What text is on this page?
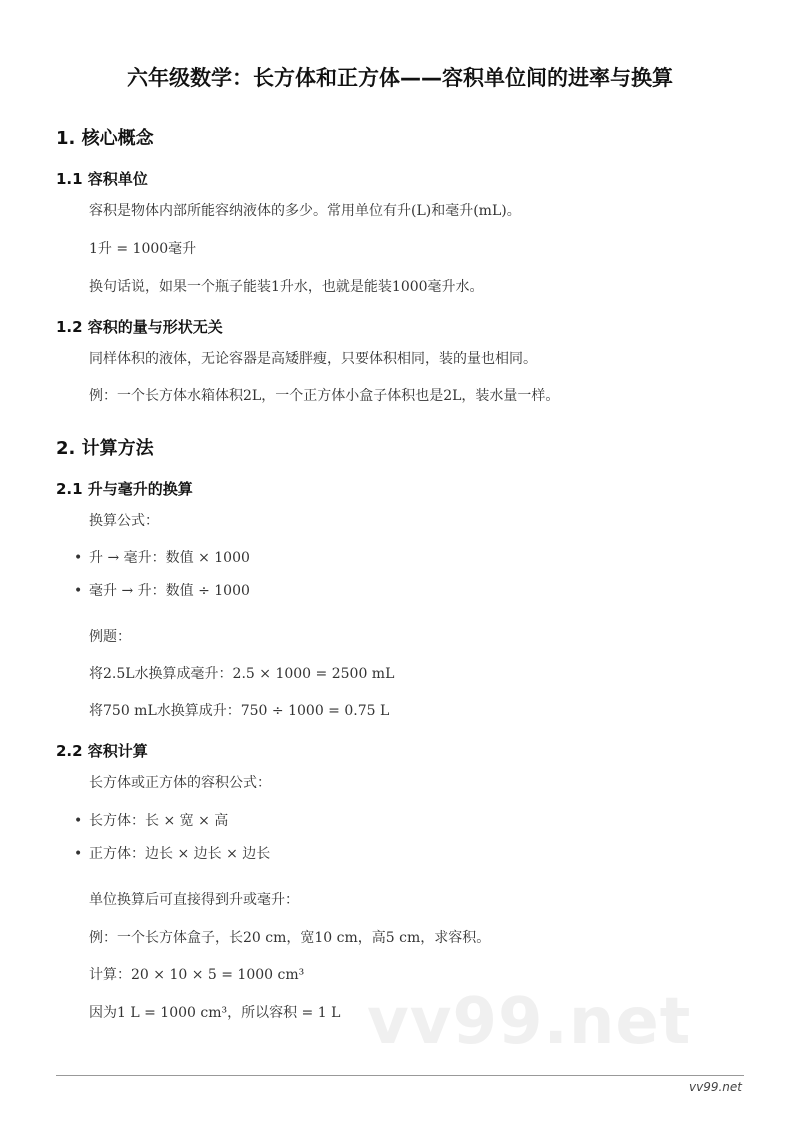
六年级数学：长方体和正方体——容积单位间的进率与换算
1. 核心概念
1.1 容积单位
容积是物体内部所能容纳液体的多少。常用单位有升(L)和毫升(mL)。
1升 = 1000毫升
换句话说，如果一个瓶子能装1升水，也就是能装1000毫升水。
1.2 容积的量与形状无关
同样体积的液体，无论容器是高矮胖瘦，只要体积相同，装的量也相同。
例：一个长方体水箱体积2L，一个正方体小盒子体积也是2L，装水量一样。
2. 计算方法
2.1 升与毫升的换算
换算公式：
• 升 → 毫升：数值 × 1000
• 毫升 → 升：数值 ÷ 1000
例题：
将2.5L水换算成毫升：2.5 × 1000 = 2500 mL
将750 mL水换算成升：750 ÷ 1000 = 0.75 L
2.2 容积计算
长方体或正方体的容积公式：
• 长方体：长 × 宽 × 高
• 正方体：边长 × 边长 × 边长
单位换算后可直接得到升或毫升：
例：一个长方体盒子，长20 cm，宽10 cm，高5 cm，求容积。
计算：20 × 10 × 5 = 1000 cm³
因为1 L = 1000 cm³，所以容积 = 1 L vv99.net
vv99.net
